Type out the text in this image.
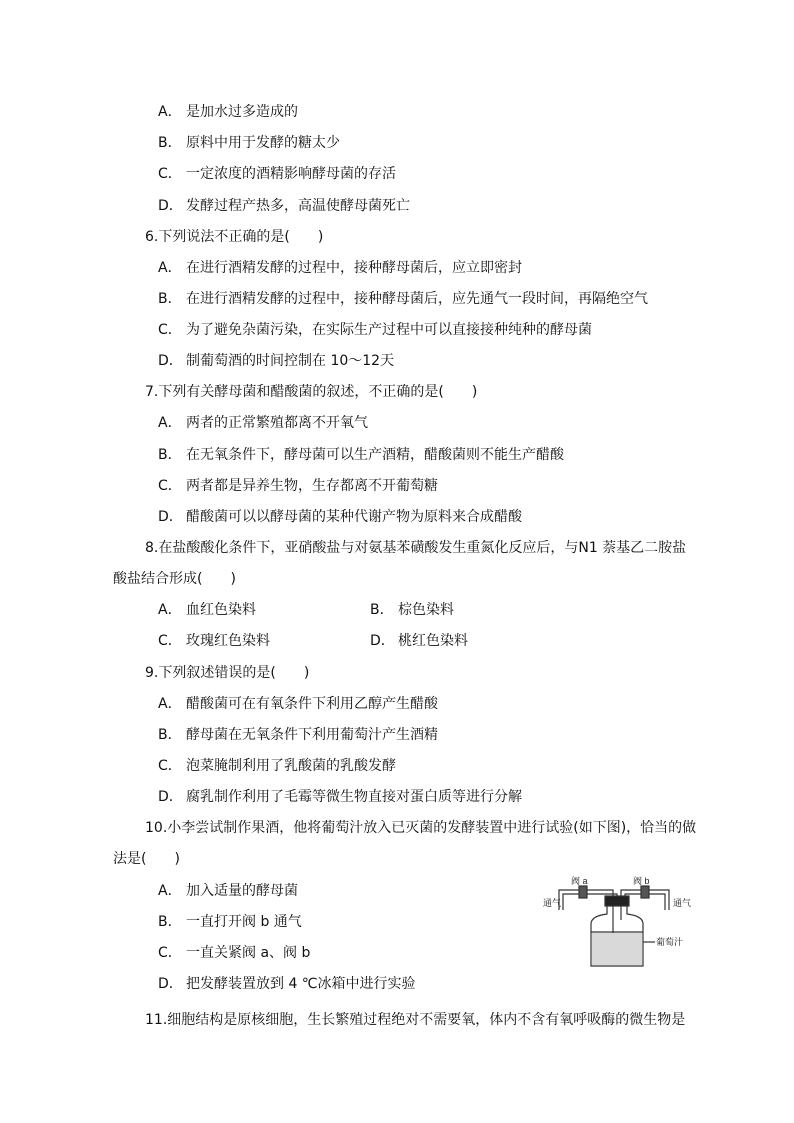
A． 是加水过多造成的
B． 原料中用于发酵的糖太少
C． 一定浓度的酒精影响酵母菌的存活
D． 发酵过程产热多，高温使酵母菌死亡
6.下列说法不正确的是(　　)
A． 在进行酒精发酵的过程中，接种酵母菌后，应立即密封
B． 在进行酒精发酵的过程中，接种酵母菌后，应先通气一段时间，再隔绝空气
C． 为了避免杂菌污染，在实际生产过程中可以直接接种纯种的酵母菌
D． 制葡萄酒的时间控制在 10～12天
7.下列有关酵母菌和醋酸菌的叙述，不正确的是(　　)
A． 两者的正常繁殖都离不开氧气
B． 在无氧条件下，酵母菌可以生产酒精，醋酸菌则不能生产醋酸
C． 两者都是异养生物，生存都离不开葡萄糖
D． 醋酸菌可以以酵母菌的某种代谢产物为原料来合成醋酸
8.在盐酸酸化条件下，亚硝酸盐与对氨基苯磺酸发生重氮化反应后，与N1 萘基乙二胺盐
酸盐结合形成(　　)
A． 血红色染料	B． 棕色染料
C． 玫瑰红色染料	D． 桃红色染料
9.下列叙述错误的是(　　)
A． 醋酸菌可在有氧条件下利用乙醇产生醋酸
B． 酵母菌在无氧条件下利用葡萄汁产生酒精
C． 泡菜腌制利用了乳酸菌的乳酸发酵
D． 腐乳制作利用了毛霉等微生物直接对蛋白质等进行分解
10.小李尝试制作果酒，他将葡萄汁放入已灭菌的发酵装置中进行试验(如下图)，恰当的做
法是(　　)
A． 加入适量的酵母菌
B． 一直打开阀 b 通气
C． 一直关紧阀 a、阀 b
D． 把发酵装置放到 4 ℃冰箱中进行实验
阀 a	阀 b
通气	通气
葡萄汁
11.细胞结构是原核细胞，生长繁殖过程绝对不需要氧，体内不含有氧呼吸酶的微生物是
